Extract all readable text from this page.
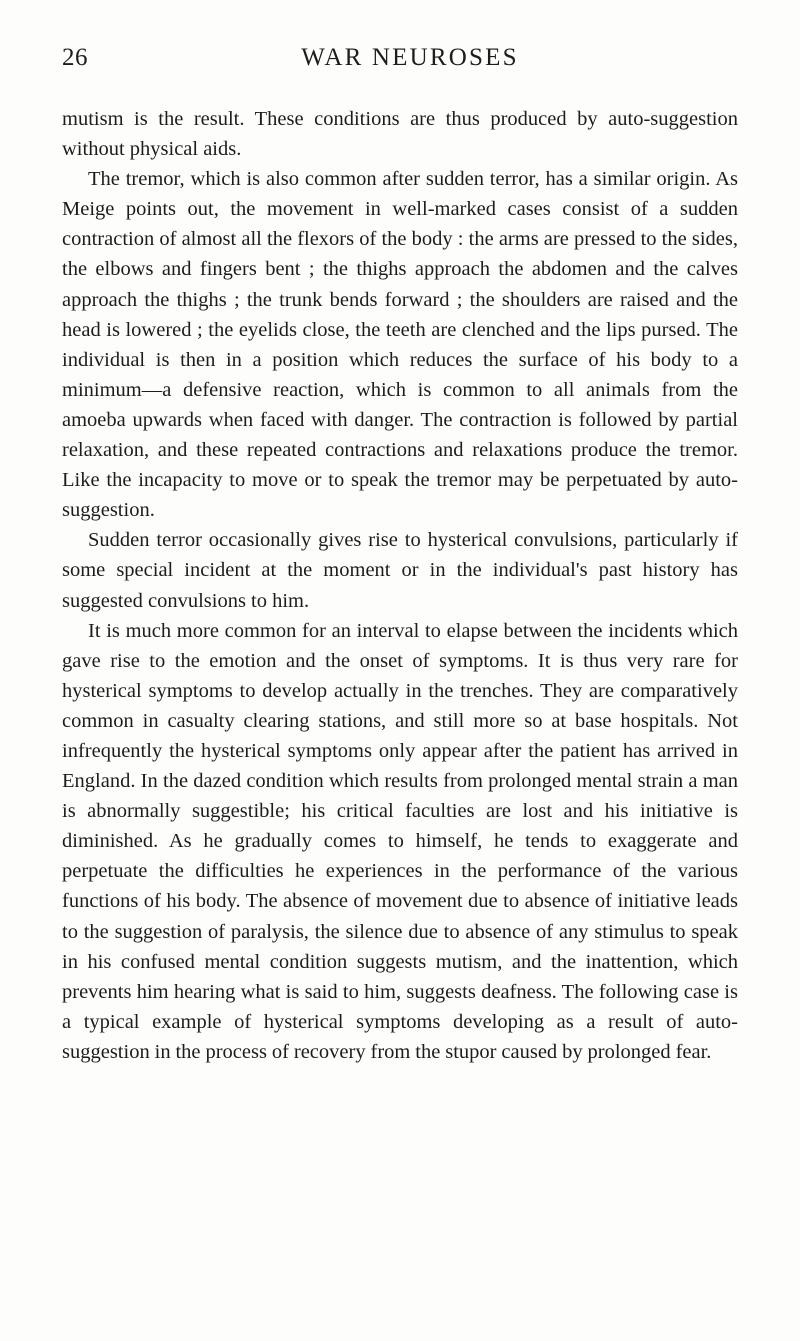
26	WAR NEUROSES

mutism is the result. These conditions are thus produced by auto-suggestion without physical aids.

The tremor, which is also common after sudden terror, has a similar origin. As Meige points out, the movement in well-marked cases consist of a sudden contraction of almost all the flexors of the body : the arms are pressed to the sides, the elbows and fingers bent ; the thighs approach the abdomen and the calves approach the thighs ; the trunk bends forward ; the shoulders are raised and the head is lowered ; the eyelids close, the teeth are clenched and the lips pursed. The individual is then in a position which reduces the surface of his body to a minimum—a defensive reaction, which is common to all animals from the amoeba upwards when faced with danger. The contraction is followed by partial relaxation, and these repeated contractions and relaxations produce the tremor. Like the incapacity to move or to speak the tremor may be perpetuated by auto-suggestion.

Sudden terror occasionally gives rise to hysterical convulsions, particularly if some special incident at the moment or in the individual's past history has suggested convulsions to him.

It is much more common for an interval to elapse between the incidents which gave rise to the emotion and the onset of symptoms. It is thus very rare for hysterical symptoms to develop actually in the trenches. They are comparatively common in casualty clearing stations, and still more so at base hospitals. Not infrequently the hysterical symptoms only appear after the patient has arrived in England. In the dazed condition which results from prolonged mental strain a man is abnormally suggestible; his critical faculties are lost and his initiative is diminished. As he gradually comes to himself, he tends to exaggerate and perpetuate the difficulties he experiences in the performance of the various functions of his body. The absence of movement due to absence of initiative leads to the suggestion of paralysis, the silence due to absence of any stimulus to speak in his confused mental condition suggests mutism, and the inattention, which prevents him hearing what is said to him, suggests deafness. The following case is a typical example of hysterical symptoms developing as a result of auto-suggestion in the process of recovery from the stupor caused by prolonged fear.
